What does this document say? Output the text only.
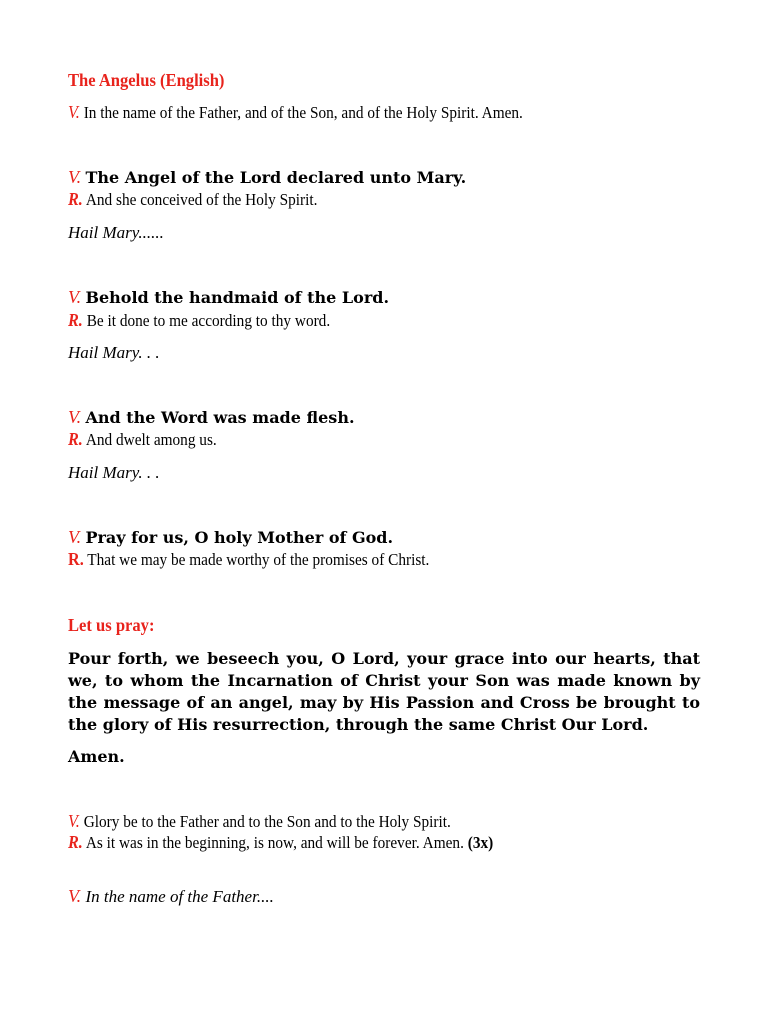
The Angelus (English)
V. In the name of the Father, and of the Son, and of the Holy Spirit. Amen.
V. The Angel of the Lord declared unto Mary.
R. And she conceived of the Holy Spirit.
Hail Mary......
V. Behold the handmaid of the Lord.
R. Be it done to me according to thy word.
Hail Mary. . .
V. And the Word was made flesh.
R. And dwelt among us.
Hail Mary. . .
V. Pray for us, O holy Mother of God.
R. That we may be made worthy of the promises of Christ.
Let us pray:
Pour forth, we beseech you, O Lord, your grace into our hearts, that we, to whom the Incarnation of Christ your Son was made known by the message of an angel, may by His Passion and Cross be brought to the glory of His resurrection, through the same Christ Our Lord.
Amen.
V. Glory be to the Father and to the Son and to the Holy Spirit.
R. As it was in the beginning, is now, and will be forever. Amen. (3x)
V. In the name of the Father....
